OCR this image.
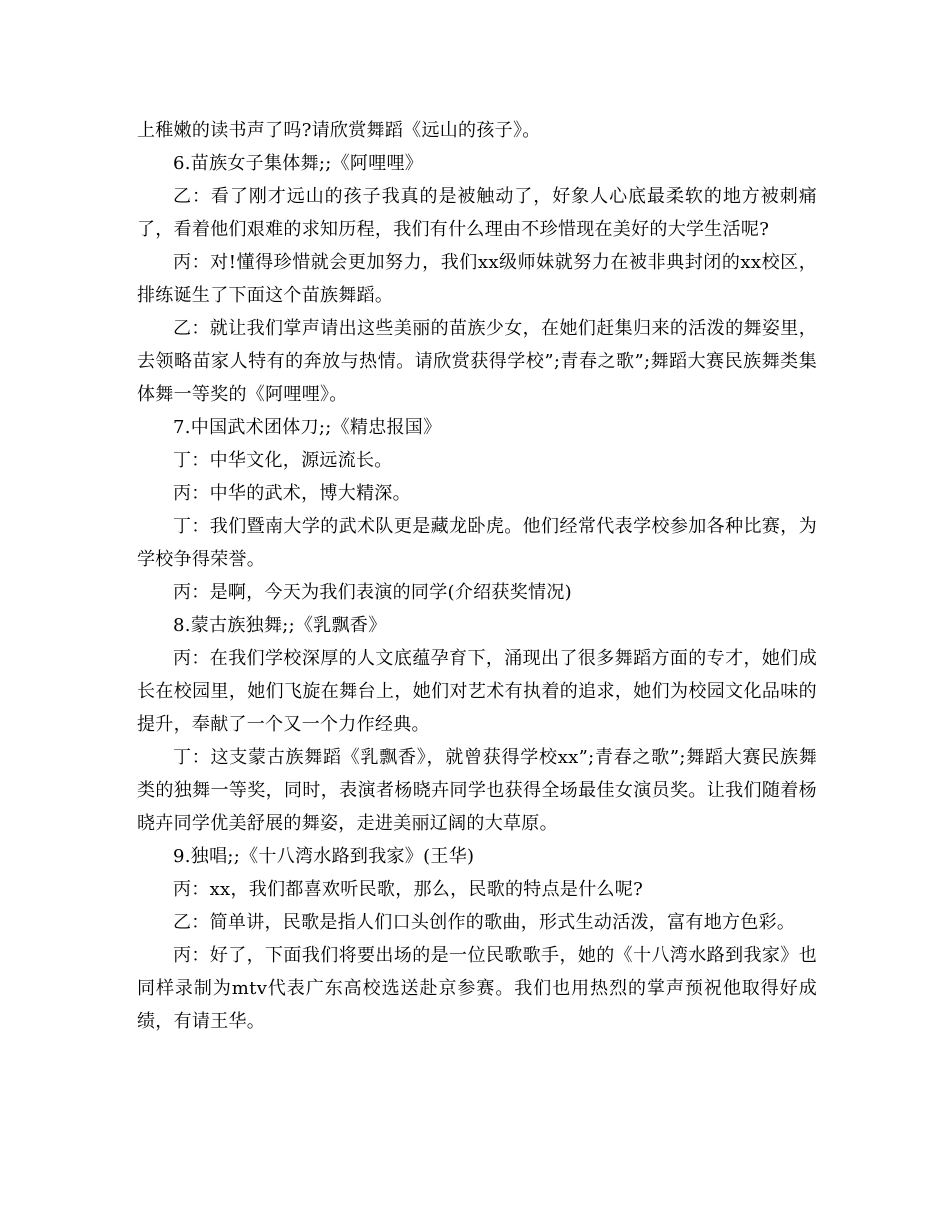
上稚嫩的读书声了吗?请欣赏舞蹈《远山的孩子》。

6.苗族女子集体舞;;《阿哩哩》

乙：看了刚才远山的孩子我真的是被触动了，好象人心底最柔软的地方被刺痛了，看着他们艰难的求知历程，我们有什么理由不珍惜现在美好的大学生活呢?

丙：对!懂得珍惜就会更加努力，我们xx级师妹就努力在被非典封闭的xx校区，排练诞生了下面这个苗族舞蹈。

乙：就让我们掌声请出这些美丽的苗族少女，在她们赶集归来的活泼的舞姿里，去领略苗家人特有的奔放与热情。请欣赏获得学校”;青春之歌”;舞蹈大赛民族舞类集体舞一等奖的《阿哩哩》。

7.中国武术团体刀;;《精忠报国》

丁：中华文化，源远流长。

丙：中华的武术，博大精深。

丁：我们暨南大学的武术队更是藏龙卧虎。他们经常代表学校参加各种比赛，为学校争得荣誉。

丙：是啊，今天为我们表演的同学(介绍获奖情况)

8.蒙古族独舞;;《乳飘香》

丙：在我们学校深厚的人文底蕴孕育下，涌现出了很多舞蹈方面的专才，她们成长在校园里，她们飞旋在舞台上，她们对艺术有执着的追求，她们为校园文化品味的提升，奉献了一个又一个力作经典。

丁：这支蒙古族舞蹈《乳飘香》，就曾获得学校xx”;青春之歌”;舞蹈大赛民族舞类的独舞一等奖，同时，表演者杨晓卉同学也获得全场最佳女演员奖。让我们随着杨晓卉同学优美舒展的舞姿，走进美丽辽阔的大草原。

9.独唱;;《十八湾水路到我家》(王华)

丙：xx，我们都喜欢听民歌，那么，民歌的特点是什么呢?

乙：简单讲，民歌是指人们口头创作的歌曲，形式生动活泼，富有地方色彩。

丙：好了，下面我们将要出场的是一位民歌歌手，她的《十八湾水路到我家》也同样录制为mtv代表广东高校选送赴京参赛。我们也用热烈的掌声预祝他取得好成绩，有请王华。
